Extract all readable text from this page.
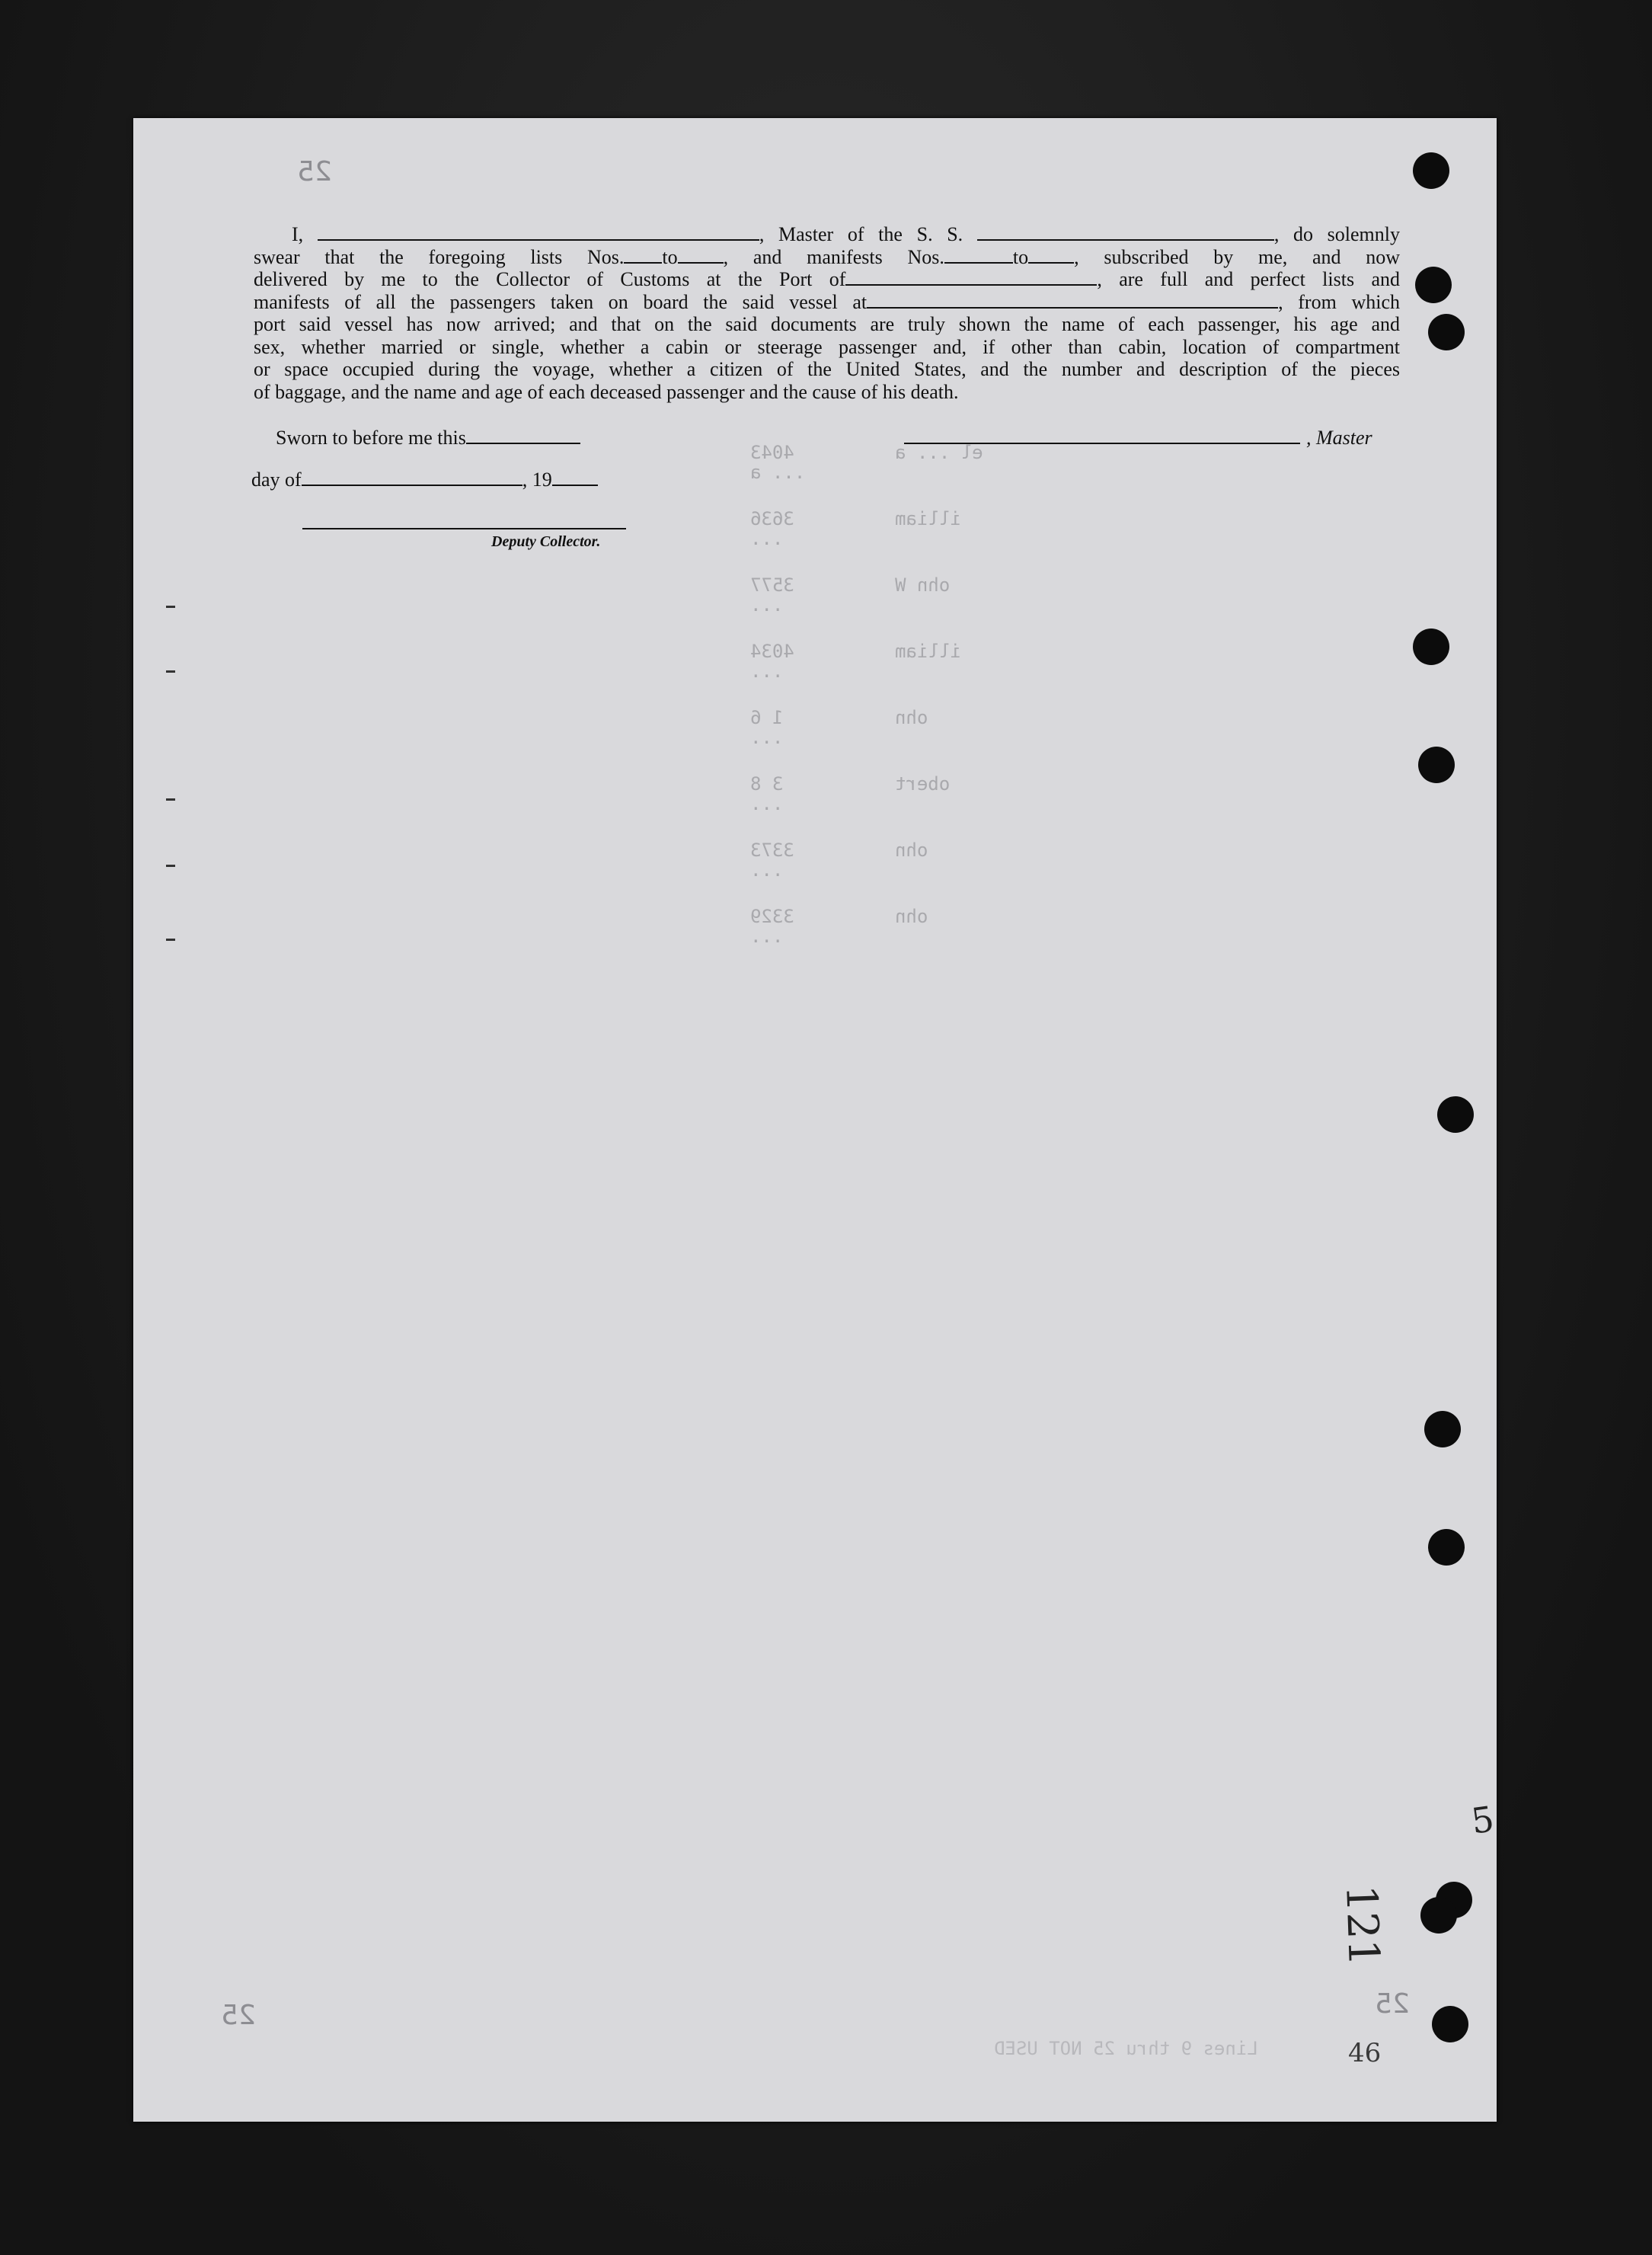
I,	, Master of the S. S.	, do solemnly

swear that the foregoing lists Nos. to , and manifests Nos.	to , subscribed by me, and now

delivered by me to the Collector of Customs at the Port of	, are full and perfect lists and

manifests of all the passengers taken on board the said vessel at	, from which

port said vessel has now arrived; and that on the said documents are truly shown the name of each passenger, his age and

sex, whether married or single, whether a cabin or steerage passenger and, if other than cabin, location of compartment

or space occupied during the voyage, whether a citizen of the United States, and the number and description of the pieces

of baggage, and the name and age of each deceased passenger and the cause of his death.

Sworn to before me this
day of	, 19
, Master
Deputy Collector.
4043	el ... a
... a
3636	illiam
...
3577	ohn W
...
4034	illiam
...
1 6	ohn
...
3 8	obert
...
3373	ohn
...
3329	ohn
...
Lines 9 thru 25 NOT USED
5
121
46
25
25	25
